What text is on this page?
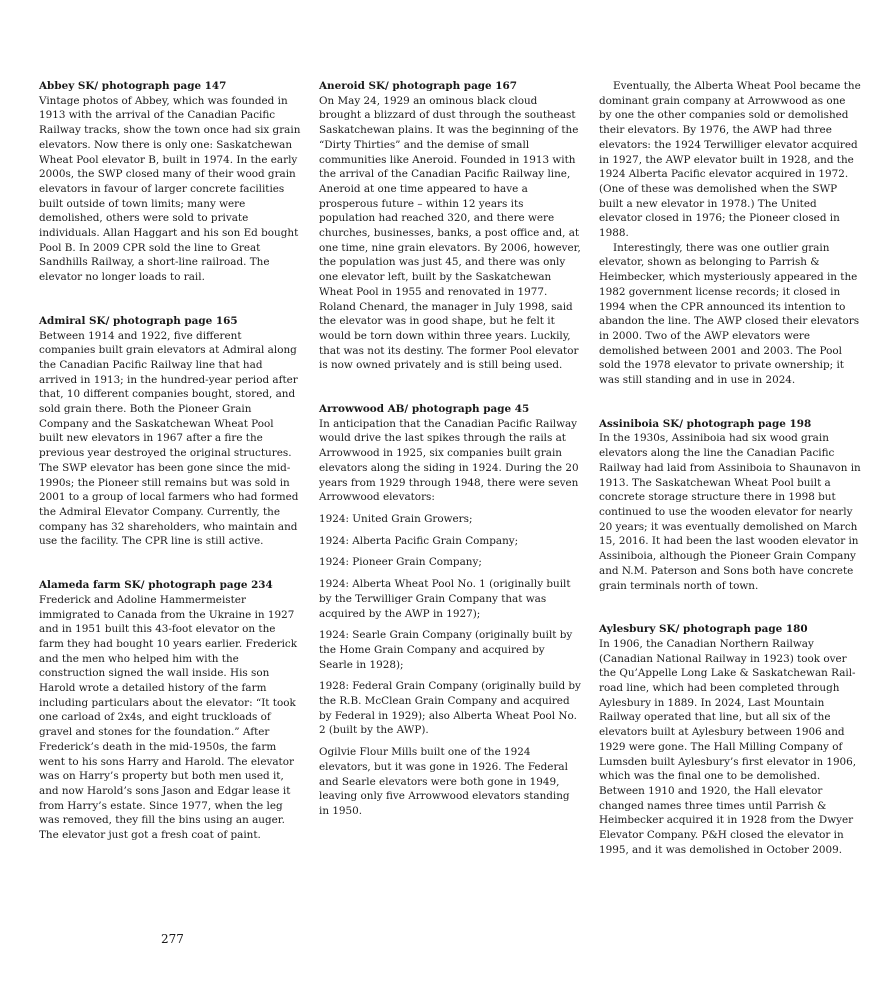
Abbey SK/ photograph page 147

Vintage photos of Abbey, which was founded in 1913 with the arrival of the Canadian Pacific Railway tracks, show the town once had six grain elevators. Now there is only one: Saskatchewan Wheat Pool elevator B, built in 1974. In the early 2000s, the SWP closed many of their wood grain elevators in favour of larger concrete facilities built outside of town limits; many were demolished, others were sold to private individuals. Allan Haggart and his son Ed bought Pool B. In 2009 CPR sold the line to Great Sandhills Railway, a short-line railroad. The elevator no longer loads to rail.

Admiral SK/ photograph page 165

Between 1914 and 1922, five different companies built grain elevators at Admiral along the Canadian Pacific Railway line that had arrived in 1913; in the hundred-year period after that, 10 different companies bought, stored, and sold grain there. Both the Pioneer Grain Company and the Saskatchewan Wheat Pool built new elevators in 1967 after a fire the previous year destroyed the original structures. The SWP elevator has been gone since the mid-1990s; the Pioneer still remains but was sold in 2001 to a group of local farmers who had formed the Admiral Elevator Company. Currently, the company has 32 shareholders, who maintain and use the facility. The CPR line is still active.

Alameda farm SK/ photograph page 234

Frederick and Adoline Hammermeister immigrated to Canada from the Ukraine in 1927 and in 1951 built this 43-foot elevator on the farm they had bought 10 years earlier. Frederick and the men who helped him with the construction signed the wall inside. His son Harold wrote a detailed history of the farm including particulars about the elevator: “It took one carload of 2x4s, and eight truckloads of gravel and stones for the foundation.” After Frederick’s death in the mid-1950s, the farm went to his sons Harry and Harold. The elevator was on Harry’s property but both men used it, and now Harold’s sons Jason and Edgar lease it from Harry’s estate. Since 1977, when the leg was removed, they fill the bins using an auger. The elevator just got a fresh coat of paint.

Aneroid SK/ photograph page 167

On May 24, 1929 an ominous black cloud brought a blizzard of dust through the southeast Saskatchewan plains. It was the beginning of the “Dirty Thirties” and the demise of small communities like Aneroid. Founded in 1913 with the arrival of the Canadian Pacific Railway line, Aneroid at one time appeared to have a prosperous future – within 12 years its population had reached 320, and there were churches, businesses, banks, a post office and, at one time, nine grain elevators. By 2006, however, the population was just 45, and there was only one elevator left, built by the Saskatchewan Wheat Pool in 1955 and renovated in 1977. Roland Chenard, the manager in July 1998, said the elevator was in good shape, but he felt it would be torn down within three years. Luckily, that was not its destiny. The former Pool elevator is now owned privately and is still being used.

Arrowwood AB/ photograph page 45

In anticipation that the Canadian Pacific Railway would drive the last spikes through the rails at Arrowwood in 1925, six companies built grain elevators along the siding in 1924. During the 20 years from 1929 through 1948, there were seven Arrowwood elevators:

1924: United Grain Growers;

1924: Alberta Pacific Grain Company;

1924: Pioneer Grain Company;

1924: Alberta Wheat Pool No. 1 (originally built by the Terwilliger Grain Company that was acquired by the AWP in 1927);

1924: Searle Grain Company (originally built by the Home Grain Company and acquired by Searle in 1928);

1928: Federal Grain Company (originally build by the R.B. McClean Grain Company and acquired by Federal in 1929); also Alberta Wheat Pool No. 2 (built by the AWP).

Ogilvie Flour Mills built one of the 1924 elevators, but it was gone in 1926. The Federal and Searle elevators were both gone in 1949, leaving only five Arrowwood elevators standing in 1950.

Eventually, the Alberta Wheat Pool became the dominant grain company at Arrowwood as one by one the other companies sold or demolished their elevators. By 1976, the AWP had three elevators: the 1924 Terwilliger elevator acquired in 1927, the AWP elevator built in 1928, and the 1924 Alberta Pacific elevator acquired in 1972. (One of these was demolished when the SWP built a new elevator in 1978.) The United elevator closed in 1976; the Pioneer closed in 1988.

Interestingly, there was one outlier grain elevator, shown as belonging to Parrish & Heimbecker, which mysteriously appeared in the 1982 government license records; it closed in 1994 when the CPR announced its intention to abandon the line. The AWP closed their elevators in 2000. Two of the AWP elevators were demolished between 2001 and 2003. The Pool sold the 1978 elevator to private ownership; it was still standing and in use in 2024.

Assiniboia SK/ photograph page 198

In the 1930s, Assiniboia had six wood grain elevators along the line the Canadian Pacific Railway had laid from Assiniboia to Shaunavon in 1913. The Saskatchewan Wheat Pool built a concrete storage structure there in 1998 but continued to use the wooden elevator for nearly 20 years; it was eventually demolished on March 15, 2016. It had been the last wooden elevator in Assiniboia, although the Pioneer Grain Company and N.M. Paterson and Sons both have concrete grain terminals north of town.

Aylesbury SK/ photograph page 180

In 1906, the Canadian Northern Railway (Canadian National Railway in 1923) took over the Qu’Appelle Long Lake & Saskatchewan Rail-road line, which had been completed through Aylesbury in 1889. In 2024, Last Mountain Railway operated that line, but all six of the elevators built at Aylesbury between 1906 and 1929 were gone. The Hall Milling Company of Lumsden built Aylesbury’s first elevator in 1906, which was the final one to be demolished. Between 1910 and 1920, the Hall elevator changed names three times until Parrish & Heimbecker acquired it in 1928 from the Dwyer Elevator Company. P&H closed the elevator in 1995, and it was demolished in October 2009.

277
